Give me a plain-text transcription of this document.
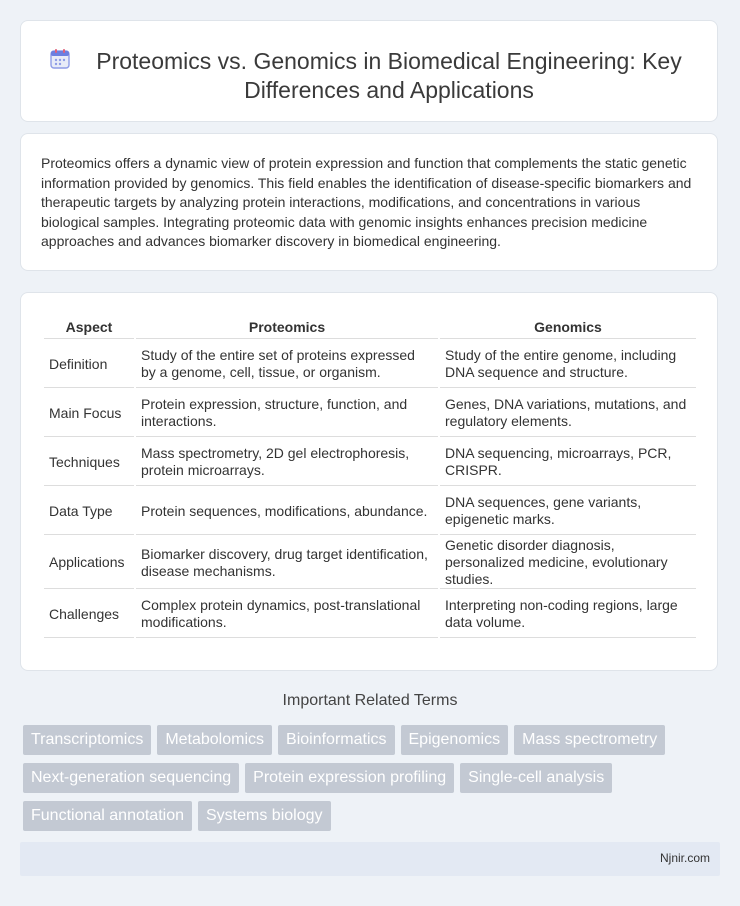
Proteomics vs. Genomics in Biomedical Engineering: Key Differences and Applications

Proteomics offers a dynamic view of protein expression and function that complements the static genetic information provided by genomics. This field enables the identification of disease-specific biomarkers and therapeutic targets by analyzing protein interactions, modifications, and concentrations in various biological samples. Integrating proteomic data with genomic insights enhances precision medicine approaches and advances biomarker discovery in biomedical engineering.

Aspect	Proteomics	Genomics
Definition	Study of the entire set of proteins expressed by a genome, cell, tissue, or organism.	Study of the entire genome, including DNA sequence and structure.
Main Focus	Protein expression, structure, function, and interactions.	Genes, DNA variations, mutations, and regulatory elements.
Techniques	Mass spectrometry, 2D gel electrophoresis, protein microarrays.	DNA sequencing, microarrays, PCR, CRISPR.
Data Type	Protein sequences, modifications, abundance.	DNA sequences, gene variants, epigenetic marks.
Applications	Biomarker discovery, drug target identification, disease mechanisms.	Genetic disorder diagnosis, personalized medicine, evolutionary studies.
Challenges	Complex protein dynamics, post-translational modifications.	Interpreting non-coding regions, large data volume.
Important Related Terms
Transcriptomics Metabolomics Bioinformatics Epigenomics Mass spectrometryNext-generation sequencing Protein expression profiling Single-cell analysisFunctional annotation Systems biology
Njnir.com
